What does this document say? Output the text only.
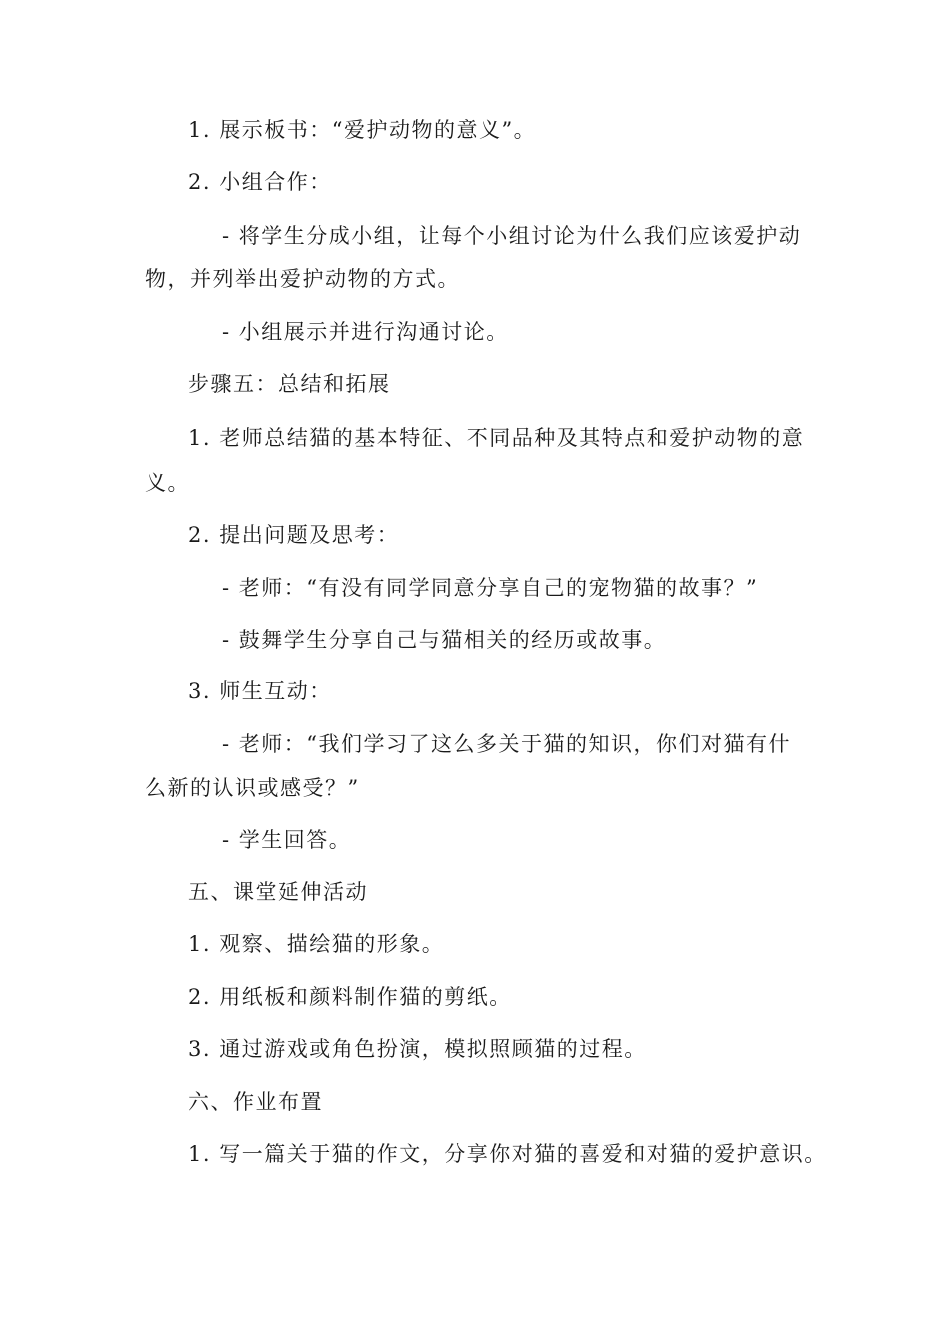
1. 展示板书：“爱护动物的意义”。
2. 小组合作：
- 将学生分成小组，让每个小组讨论为什么我们应该爱护动
物，并列举出爱护动物的方式。
- 小组展示并进行沟通讨论。
步骤五：总结和拓展
1. 老师总结猫的基本特征、不同品种及其特点和爱护动物的意
义。
2. 提出问题及思考：
- 老师：“有没有同学同意分享自己的宠物猫的故事？”
- 鼓舞学生分享自己与猫相关的经历或故事。
3. 师生互动：
- 老师：“我们学习了这么多关于猫的知识，你们对猫有什
么新的认识或感受？”
- 学生回答。
五、课堂延伸活动
1. 观察、描绘猫的形象。
2. 用纸板和颜料制作猫的剪纸。
3. 通过游戏或角色扮演，模拟照顾猫的过程。
六、作业布置
1. 写一篇关于猫的作文，分享你对猫的喜爱和对猫的爱护意识。
